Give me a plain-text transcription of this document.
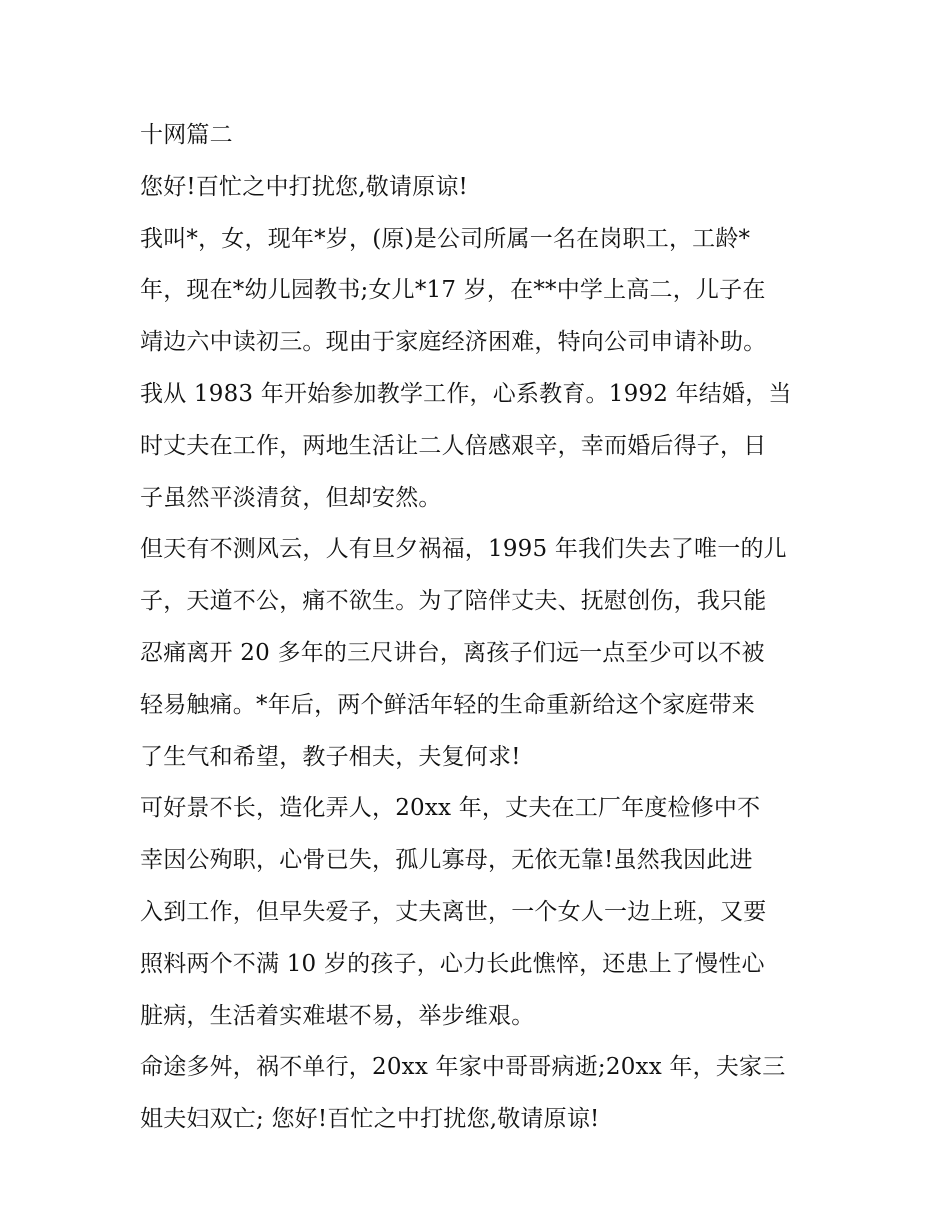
十网篇二
您好!百忙之中打扰您,敬请原谅!
我叫*，女，现年*岁，(原)是公司所属一名在岗职工，工龄*
年，现在*幼儿园教书;女儿*17 岁，在**中学上高二，儿子在
靖边六中读初三。现由于家庭经济困难，特向公司申请补助。
我从 1983 年开始参加教学工作，心系教育。1992 年结婚，当
时丈夫在工作，两地生活让二人倍感艰辛，幸而婚后得子，日
子虽然平淡清贫，但却安然。
但天有不测风云，人有旦夕祸福，1995 年我们失去了唯一的儿
子，天道不公，痛不欲生。为了陪伴丈夫、抚慰创伤，我只能
忍痛离开 20 多年的三尺讲台，离孩子们远一点至少可以不被
轻易触痛。*年后，两个鲜活年轻的生命重新给这个家庭带来
了生气和希望，教子相夫，夫复何求!
可好景不长，造化弄人，20xx 年，丈夫在工厂年度检修中不
幸因公殉职，心骨已失，孤儿寡母，无依无靠!虽然我因此进
入到工作，但早失爱子，丈夫离世，一个女人一边上班，又要
照料两个不满 10 岁的孩子，心力长此憔悴，还患上了慢性心
脏病，生活着实难堪不易，举步维艰。
命途多舛，祸不单行，20xx 年家中哥哥病逝;20xx 年，夫家三
姐夫妇双亡; 您好!百忙之中打扰您,敬请原谅!
